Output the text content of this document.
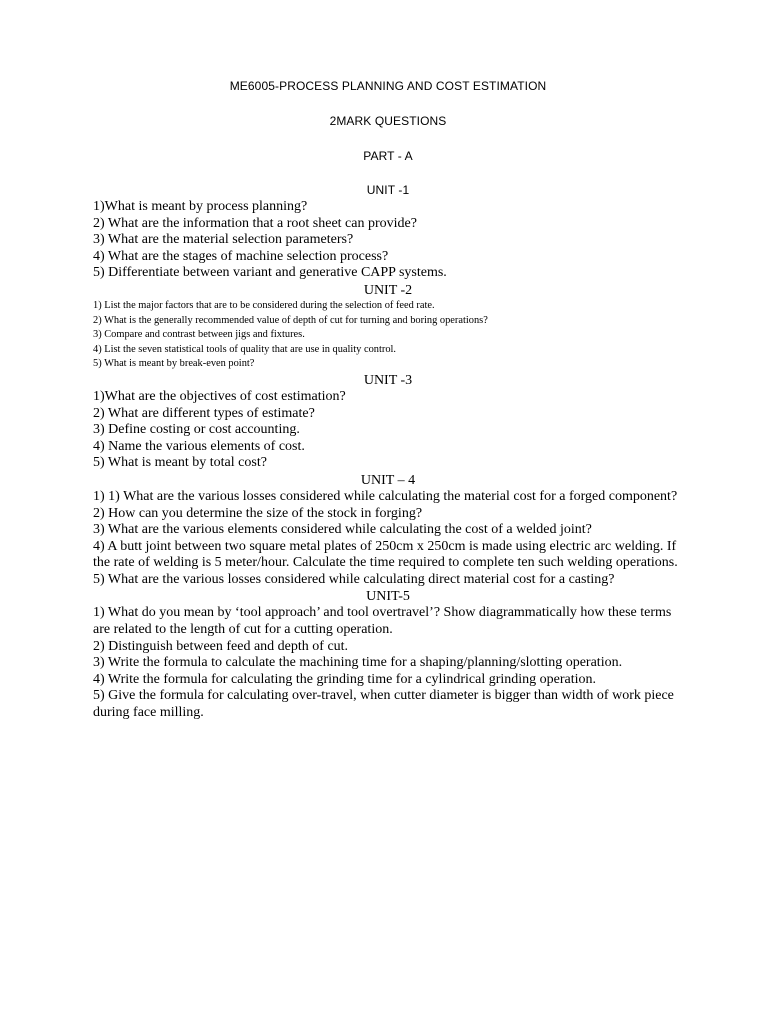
ME6005-PROCESS PLANNING AND COST ESTIMATION

2MARK QUESTIONS

PART - A

UNIT -1

1)What is meant by process planning?
2) What are the information that a root sheet can provide?
3) What are the material selection parameters?
4) What are the stages of machine selection process?
5) Differentiate between variant and generative CAPP systems.

UNIT -2

1) List the major factors that are to be considered during the selection of feed rate.
2) What is the generally recommended value of depth of cut for turning and boring operations?
3) Compare and contrast between jigs and fixtures.
4) List the seven statistical tools of quality that are use in quality control.
5) What is meant by break-even point?

UNIT -3

1)What are the objectives of cost estimation?
2) What are different types of estimate?
3) Define costing or cost accounting.
4) Name the various elements of cost.
5) What is meant by total cost?

UNIT – 4

1) 1) What are the various losses considered while calculating the material cost for a forged component?
2) How can you determine the size of the stock in forging?
3) What are the various elements considered while calculating the cost of a welded joint?
4) A butt joint between two square metal plates of 250cm x 250cm is made using electric arc welding. If the rate of welding is 5 meter/hour. Calculate the time required to complete ten such welding operations.
5) What are the various losses considered while calculating direct material cost for a casting?

UNIT-5

1) What do you mean by ‘tool approach’ and tool overtravel’? Show diagrammatically how these terms are related to the length of cut for a cutting operation.
2) Distinguish between feed and depth of cut.
3) Write the formula to calculate the machining time for a shaping/planning/slotting operation.
4) Write the formula for calculating the grinding time for a cylindrical grinding operation.
5) Give the formula for calculating over-travel, when cutter diameter is bigger than width of work piece during face milling.
